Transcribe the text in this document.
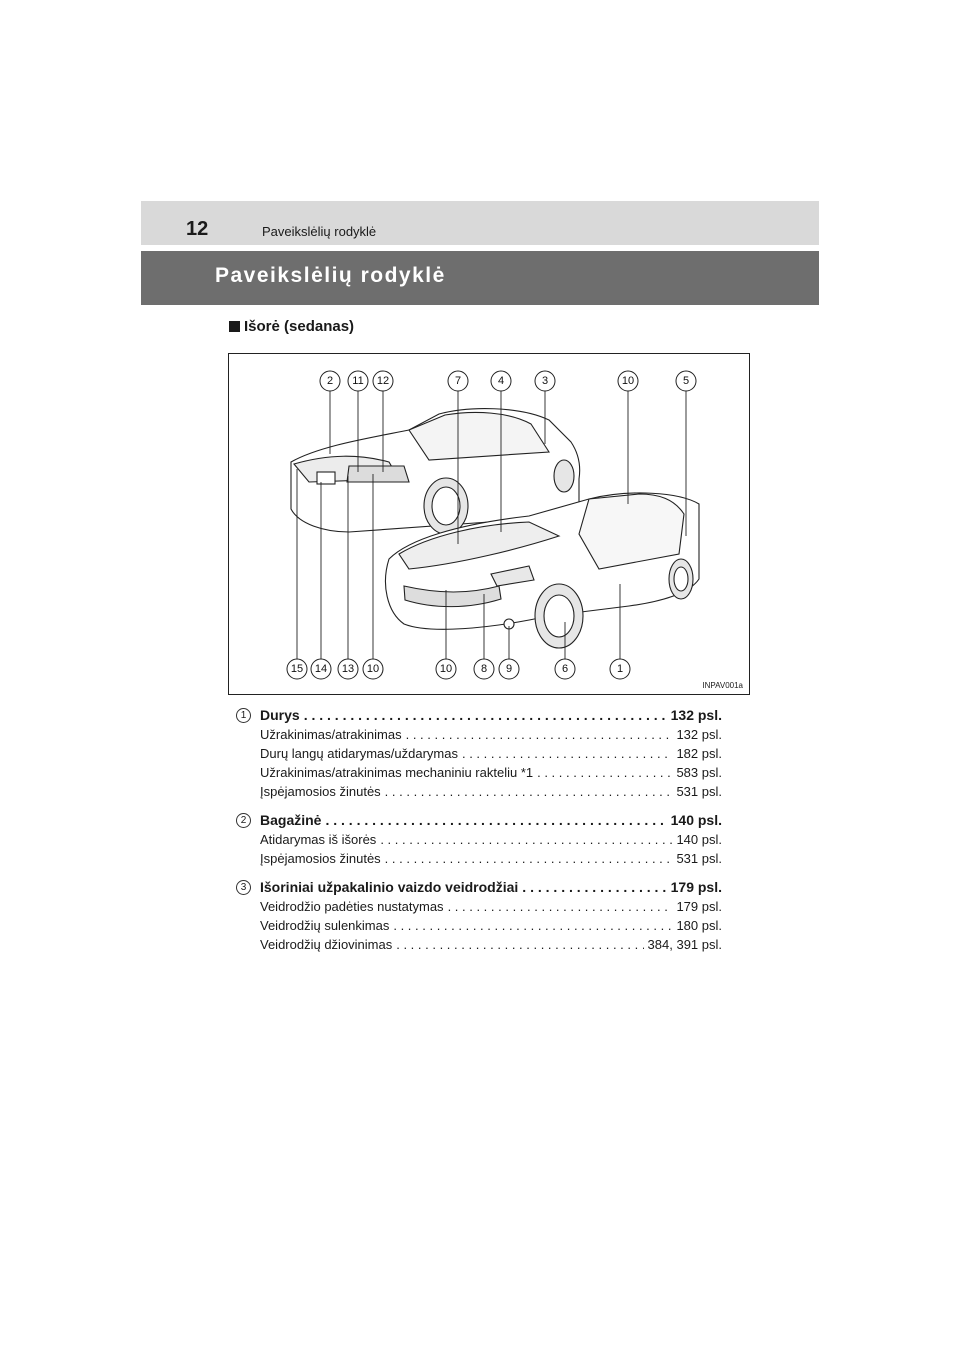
12	Paveikslėlių rodyklė
Paveikslėlių rodyklė
Išorė (sedanas)
2 11 12	7	4	3	10	5
15 14 13 10	10	8 9	6	1
INPAV001a
1 Durys . . .	132 psl.
Užrakinimas/atrakinimas . . .	132 psl.
Durų langų atidarymas/uždarymas . . .	182 psl.
Užrakinimas/atrakinimas mechaniniu rakteliu *1 . . .	583 psl.
Įspėjamosios žinutės . . .	531 psl.
2 Bagažinė . . .	140 psl.
Atidarymas iš išorės . . .	140 psl.
Įspėjamosios žinutės . . .	531 psl.
3 Išoriniai užpakalinio vaizdo veidrodžiai . . .	179 psl.
Veidrodžio padėties nustatymas . . .	179 psl.
Veidrodžių sulenkimas . . .	180 psl.
Veidrodžių džiovinimas . . .	384, 391 psl.
